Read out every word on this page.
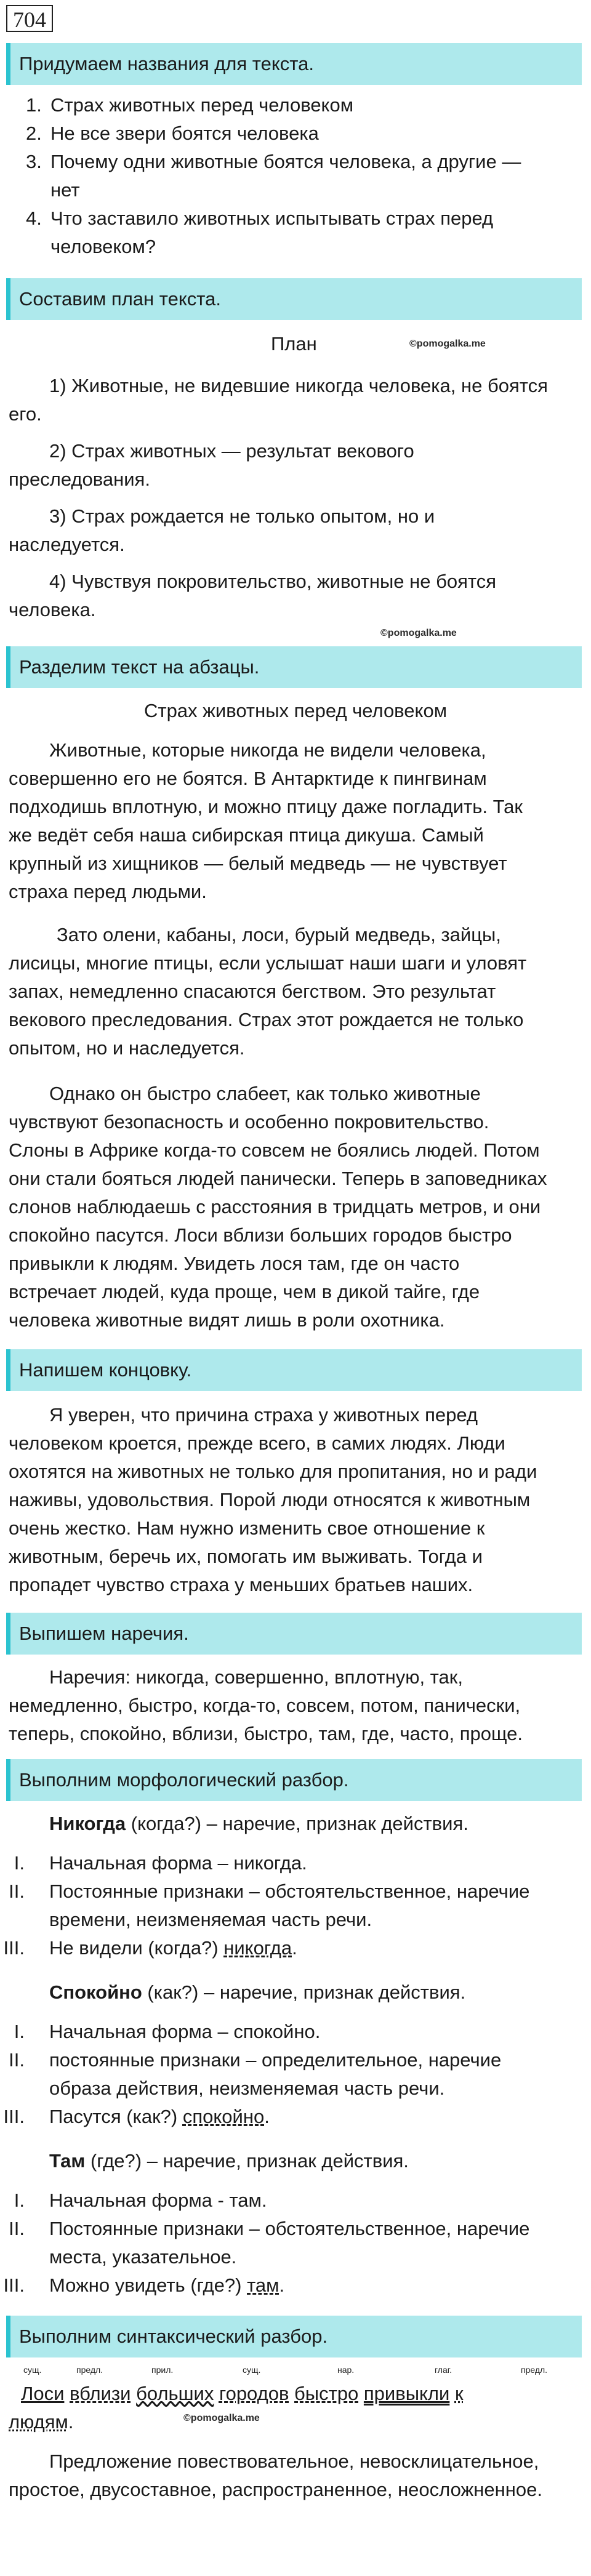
704
Придумаем названия для текста.
1. Страх животных перед человеком
2. Не все звери боятся человека
3. Почему одни животные боятся человека, а другие —
нет
4. Что заставило животных испытывать страх перед
человеком?
Составим план текста.
План	©pomogalka.me
1) Животные, не видевшие никогда человека, не боятся
его.
2) Страх животных — результат векового
преследования.
3) Страх рождается не только опытом, но и
наследуется.
4) Чувствуя покровительство, животные не боятся
человека.
©pomogalka.me
Разделим текст на абзацы.
Страх животных перед человеком
Животные, которые никогда не видели человека,
совершенно его не боятся. В Антарктиде к пингвинам
подходишь вплотную, и можно птицу даже погладить. Так
же ведёт себя наша сибирская птица дикуша. Самый
крупный из хищников — белый медведь — не чувствует
страха перед людьми.
Зато олени, кабаны, лоси, бурый медведь, зайцы,
лисицы, многие птицы, если услышат наши шаги и уловят
запах, немедленно спасаются бегством. Это результат
векового преследования. Страх этот рождается не только
опытом, но и наследуется.
Однако он быстро слабеет, как только животные
чувствуют безопасность и особенно покровительство.
Слоны в Африке когда-то совсем не боялись людей. Потом
они стали бояться людей панически. Теперь в заповедниках
слонов наблюдаешь с расстояния в тридцать метров, и они
спокойно пасутся. Лоси вблизи больших городов быстро
привыкли к людям. Увидеть лося там, где он часто
встречает людей, куда проще, чем в дикой тайге, где
человека животные видят лишь в роли охотника.
Напишем концовку.
Я уверен, что причина страха у животных перед
человеком кроется, прежде всего, в самих людях. Люди
охотятся на животных не только для пропитания, но и ради
наживы, удовольствия. Порой люди относятся к животным
очень жестко. Нам нужно изменить свое отношение к
животным, беречь их, помогать им выживать. Тогда и
пропадет чувство страха у меньших братьев наших.
Выпишем наречия.
Наречия: никогда, совершенно, вплотную, так,
немедленно, быстро, когда-то, совсем, потом, панически,
теперь, спокойно, вблизи, быстро, там, где, часто, проще.
Выполним морфологический разбор.
Никогда (когда?) – наречие, признак действия.
I. Начальная форма – никогда.
II. Постоянные признаки – обстоятельственное, наречие
времени, неизменяемая часть речи.
III. Не видели (когда?) никогда.
Спокойно (как?) – наречие, признак действия.
I. Начальная форма – спокойно.
II. постоянные признаки – определительное, наречие
образа действия, неизменяемая часть речи.
III. Пасутся (как?) спокойно.
Там (где?) – наречие, признак действия.
I. Начальная форма - там.
II. Постоянные признаки – обстоятельственное, наречие
места, указательное.
III. Можно увидеть (где?) там.
Выполним синтаксический разбор.
сущ.	предл.	прил.	сущ.	нар.	глаг.	предл.
Лоси вблизи больших городов быстро привыкли к
людям.	©pomogalka.me
Предложение повествовательное, невосклицательное,
простое, двусоставное, распространенное, неосложненное.
